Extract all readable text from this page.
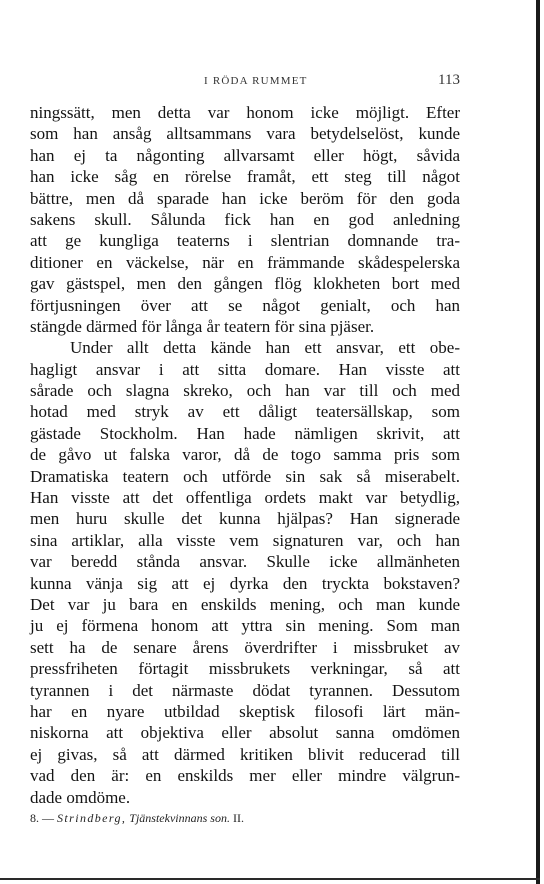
I RÖDA RUMMET	113
ningssätt, men detta var honom icke möjligt. Efter
som han ansåg alltsammans vara betydelselöst, kunde
han ej ta någonting allvarsamt eller högt, såvida
han icke såg en rörelse framåt, ett steg till något
bättre, men då sparade han icke beröm för den goda
sakens skull. Sålunda fick han en god anledning
att ge kungliga teaterns i slentrian domnande tra-
ditioner en väckelse, när en främmande skådespelerska
gav gästspel, men den gången flög klokheten bort med
förtjusningen över att se något genialt, och han
stängde därmed för långa år teatern för sina pjäser.
Under allt detta kände han ett ansvar, ett obe-
hagligt ansvar i att sitta domare. Han visste att
sårade och slagna skreko, och han var till och med
hotad med stryk av ett dåligt teatersällskap, som
gästade Stockholm. Han hade nämligen skrivit, att
de gåvo ut falska varor, då de togo samma pris som
Dramatiska teatern och utförde sin sak så miserabelt.
Han visste att det offentliga ordets makt var betydlig,
men huru skulle det kunna hjälpas? Han signerade
sina artiklar, alla visste vem signaturen var, och han
var beredd stånda ansvar. Skulle icke allmänheten
kunna vänja sig att ej dyrka den tryckta bokstaven?
Det var ju bara en enskilds mening, och man kunde
ju ej förmena honom att yttra sin mening. Som man
sett ha de senare årens överdrifter i missbruket av
pressfriheten förtagit missbrukets verkningar, så att
tyrannen i det närmaste dödat tyrannen. Dessutom
har en nyare utbildad skeptisk filosofi lärt män-
niskorna att objektiva eller absolut sanna omdömen
ej givas, så att därmed kritiken blivit reducerad till
vad den är: en enskilds mer eller mindre välgrun-
dade omdöme.
8. — Strindberg, Tjänstekvinnans son. II.
